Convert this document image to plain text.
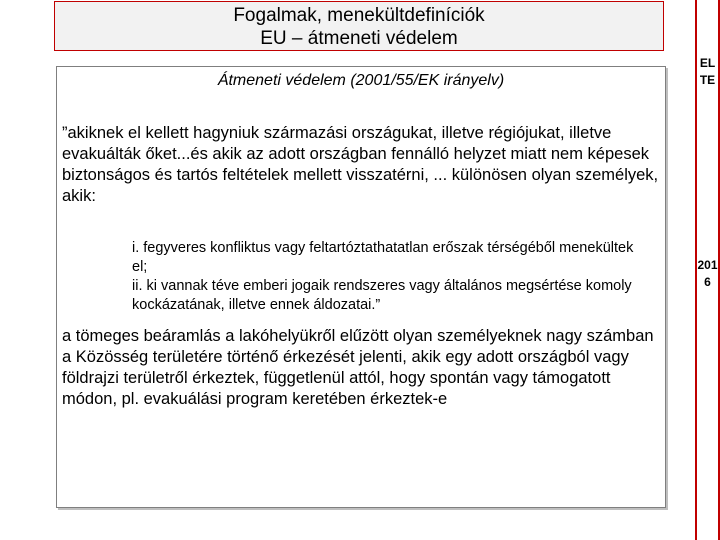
Fogalmak, menekültdefiníciók
EU – átmeneti védelem
ELTE
2016
Átmeneti védelem (2001/55/EK irányelv)
”akiknek el kellett hagyniuk származási országukat, illetve régiójukat, illetve evakuálták őket...és akik az adott országban fennálló helyzet miatt nem képesek biztonságos és tartós feltételek mellett visszatérni, ... különösen olyan személyek, akik:
i. fegyveres konfliktus vagy feltartóztathatatlan erőszak térségéből menekültek el;
ii. ki vannak téve emberi jogaik rendszeres vagy általános megsértése komoly kockázatának, illetve ennek áldozatai.”
a tömeges beáramlás a lakóhelyükről elűzött olyan személyeknek nagy számban a Közösség területére történő érkezését jelenti, akik egy adott országból vagy földrajzi területről érkeztek, függetlenül attól, hogy spontán vagy támogatott módon, pl. evakuálási program keretében érkeztek-e
